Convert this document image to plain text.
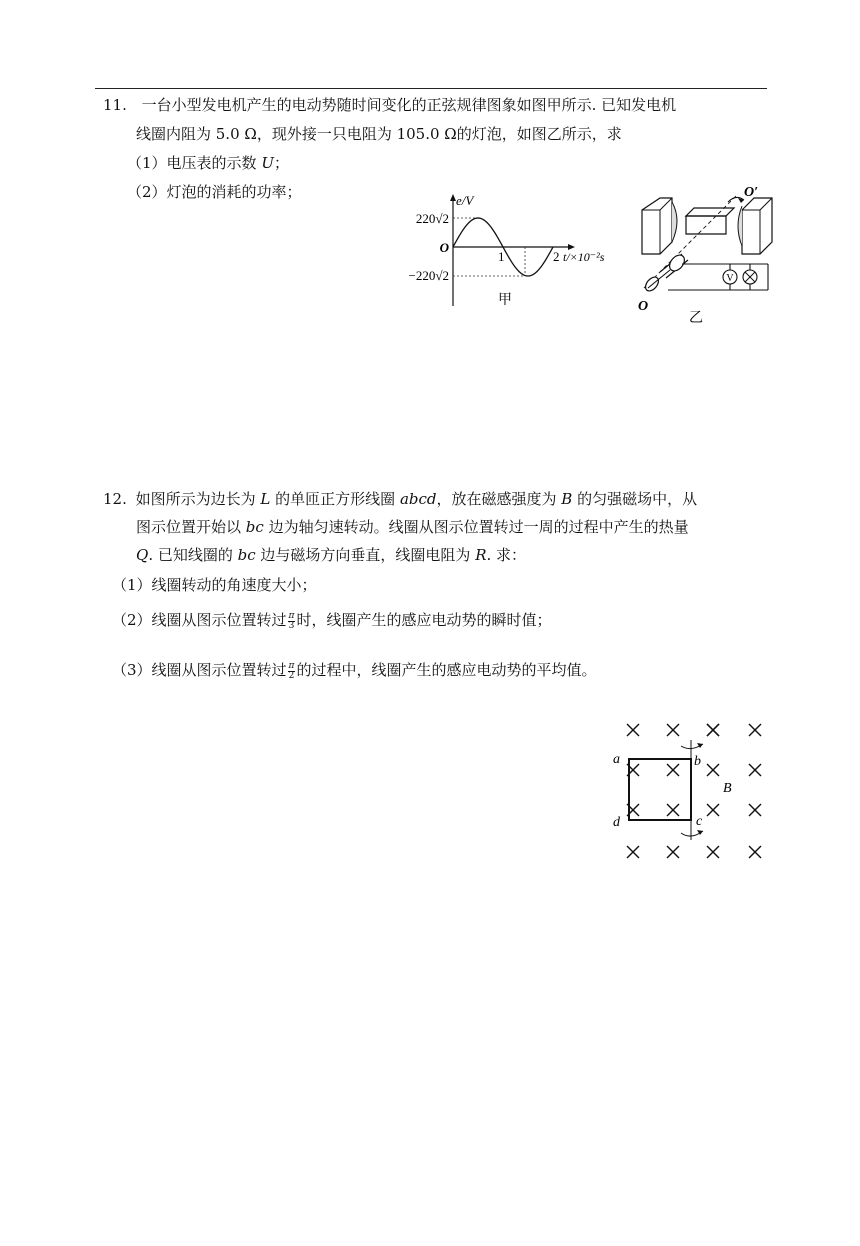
11. 一台小型发电机产生的电动势随时间变化的正弦规律图象如图甲所示. 已知发电机
线圈内阻为 5.0 Ω，现外接一只电阻为 105.0 Ω的灯泡，如图乙所示，求
（1）电压表的示数 U；
（2）灯泡的消耗的功率；	e/V
220√2
O
−220√2
1	2 t/×10⁻²s
甲
V
O′
O
乙
12. 如图所示为边长为 L 的单匝正方形线圈 abcd，放在磁感强度为 B 的匀强磁场中，从
图示位置开始以 bc 边为轴匀速转动。线圈从图示位置转过一周的过程中产生的热量
Q. 已知线圈的 bc 边与磁场方向垂直，线圈电阻为 R. 求：
（1）线圈转动的角速度大小；
（2）线圈从图示位置转过 $\frac{\pi}{3}$ 时，线圈产生的感应电动势的瞬时值；
（3）线圈从图示位置转过 $\frac{\pi}{2}$ 的过程中，线圈产生的感应电动势的平均值。
a	b
c
d
B
